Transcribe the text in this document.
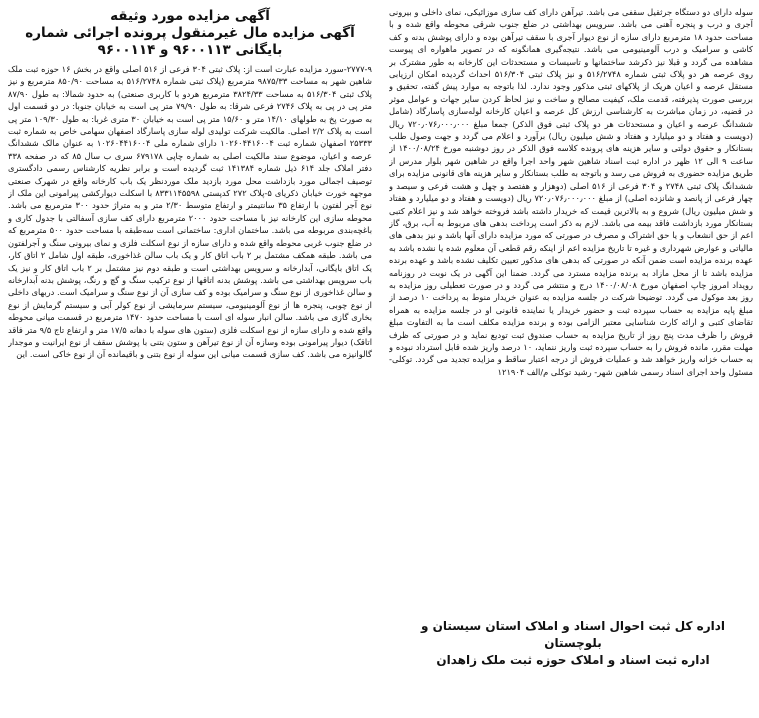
سوله دارای دو دستگاه جرثقیل سقفی می باشد. تیرآهن دارای کف سازی موزائیکی، نمای داخلی و بیرونی آجری و درب و پنجره آهنی می باشد. سرویس بهداشتی در ضلع جنوب شرقی محوطه واقع شده و با مساحت حدود ۱۸ مترمربع دارای سازه از نوع دیوار آجری با سقف تیرآهن بوده و دارای پوشش بدنه و کف کاشی و سرامیک و درب آلومینیومی می باشد. نتیجه‌گیری همانگونه که در تصویر ماهواره ای پیوست مشاهده می گردد و قبلا نیز ذکرشد ساختمانها و تاسیسات و مستحدثات این کارخانه به طور مشترک بر روی عرصه هر دو پلاک ثبتی شماره ۵۱۶/۲۷۴۸ و نیز پلاک ثبتی ۵۱۶/۳۰۴ احداث گردیده امکان ارزیابی مستقل عرصه و اعیان هریک از پلاکهای ثبتی مذکور وجود ندارد. لذا باتوجه به موارد پیش گفته، تحقیق و بررسی صورت پذیرفته، قدمت ملک، کیفیت مصالح و ساخت و نیز لحاظ کردن سایر جهات و عوامل موثر در قضیه، در زمان مباشرت به کارشناسی ارزش کل عرصه و اعیان کارخانه لوله‌سازی پاسارگاد (شامل ششدانگ عرصه و اعیان و مستحدثات هر دو پلاک ثبتی فوق الذکر) جمعا مبلغ ۷۲۰٫۰۷۶٫۰۰۰٫۰۰۰ ریال (دویست و هفتاد و دو میلیارد و هفتاد و شش میلیون ریال) برآورد و اعلام می گردد و جهت وصول طلب بستانکار و حقوق دولتی و سایر هزینه های پرونده کلاسه فوق الذکر در روز دوشنبه مورخ ۱۴۰۰/۰۸/۲۴ از ساعت ۹ الی ۱۲ ظهر در اداره ثبت اسناد شاهین شهر واحد اجرا واقع در شاهین شهر بلوار مدرس از طریق مزایده حضوری به فروش می رسد و باتوجه به طلب بستانکار و سایر هزینه های قانونی مزایده برای ششدانگ پلاک ثبتی ۲۷۴۸ و ۳۰۴ فرعی از ۵۱۶ اصلی (دوهزار و هفتصد و چهل و هشت فرعی و سیصد و چهار فرعی از پانصد و شانزده اصلی) از مبلغ ۷۲۰٫۰۷۶٫۰۰۰٫۰۰۰ ریال (دویست و هفتاد و دو میلیارد و هفتاد و شش میلیون ریال) شروع و به بالاترین قیمت که خریدار داشته باشد فروخته خواهد شد و نیز اعلام کتبی بستانکار مورد بازداشت فاقد بیمه می باشد. لازم به ذکر است پرداخت بدهی های مربوط به آب، برق، گاز اعم از حق انشعاب و یا حق اشتراک و مصرف در صورتی که مورد مزایده دارای آنها باشد و نیز بدهی های مالیاتی و عوارض شهرداری و غیره تا تاریخ مزایده اعم از اینکه رقم قطعی آن معلوم شده یا نشده باشد به عهده برنده مزایده است ضمن آنکه در صورتی که بدهی های مذکور تعیین تکلیف نشده باشد و عهده برنده مزایده باشد تا از محل مازاد به برنده مزایده مسترد می گردد. ضمنا این آگهی در یک نوبت در روزنامه رویداد امروز چاپ اصفهان مورخ ۱۴۰۰/۰۸/۰۸ درج و منتشر می گردد و در صورت تعطیلی روز مزایده به روز بعد موکول می گردد. توضیحا شرکت در جلسه مزایده به عنوان خریدار منوط به پرداخت ۱۰ درصد از مبلغ پایه مزایده به حساب سپرده ثبت و حضور خریدار یا نماینده قانونی او در جلسه مزایده به همراه تقاضای کتبی و ارائه کارت شناسایی معتبر الزامی بوده و برنده مزایده مکلف است ما به التفاوت مبلغ فروش را ظرف مدت پنج روز از تاریخ مزایده به حساب صندوق ثبت تودیع نماید و در صورتی که ظرف مهلت مقرر، مانده فروش را به حساب سپرده ثبت واریز ننماید، ۱۰ درصد واریز شده قابل استرداد نبوده و به حساب خزانه واریز خواهد شد و عملیات فروش از درجه اعتبار ساقط و مزایده تجدید می گردد. توکلی- مسئول واحد اجرای اسناد رسمی شاهین شهر- رشید توکلی م/الف ۱۲۱۹۰۴

اداره کل ثبت احوال اسناد و املاک استان سیستان و بلوچستان
اداره ثبت اسناد و املاک حوزه ثبت ملک زاهدان
آگهی مزایده مورد وثیقه
آگهی مزایده مال غیرمنقول پرونده اجرائی شماره بایگانی ۹۶۰۰۱۱۳ و ۹۶۰۰۱۱۴

۲۷۷۷-۹-سورد مزایده عبارت است از: پلاک ثبتی ۳۰۴ فرعی از ۵۱۶ اصلی واقع در بخش ۱۶ حوزه ثبت ملک شاهین شهر به مساحت ۹۸۷۵/۳۳ مترمربع (پلاک ثبتی شماره ۵۱۶/۲۷۴۸ به مساحت ۸۵۰/۹۰ مترمربع و نیز پلاک ثبتی ۵۱۶/۳۰۴ به مساحت ۳۸۲۴/۳۳ مترمربع هردو با کاربری صنعتی) به حدود شمالا: به طول ۸۷/۹۰ متر پی در پی به پلاک ۲۷۴۶ فرعی شرقا: به طول ۷۹/۹۰ متر پی است به خیابان جنوبا: در دو قسمت اول به صورت پخ به طولهای ۱۴/۱۰ متر و ۱۵/۶۰ متر پی است به خیابان ۳۰ متری غربا: به طول ۱۰۹/۳۰ متر پی است به پلاک ۲/۲ اصلی. مالکیت شرکت تولیدی لوله سازی پاسارگاد اصفهان سهامی خاص به شماره ثبت ۲۵۳۳۳ اصفهان شماره ثبت ۱۰۲۶۰۴۴۱۶۰۰۴ دارای شماره ملی ۱۰۲۶۰۴۴۱۶۰۰۴ به عنوان مالک ششدانگ عرصه و اعیان، موضوع سند مالکیت اصلی به شماره چاپی ۶۷۹۱۷۸ سری ب سال ۸۵ که در صفحه ۳۳۸ دفتر املاک جلد ۶۱۴ ذیل شماره ۱۴۱۳۸۴ ثبت گردیده است و برابر نظریه کارشناس رسمی دادگستری توصیف اجمالی مورد بازداشت محل مورد بازدید ملک موردنظر یک باب کارخانه واقع در شهرک صنعتی موجهه خورت خیابان ذکریای ۵-پلاک ۲۷۲ کدپستی ۸۳۳۱۱۴۵۵۹۸ با اسکلت دیوارکشی پیرامونی این ملک از نوع آجر لفتون با ارتفاع ۳۵ سانتیمتر و ارتفاع متوسط ۲/۳۰ متر و به متراژ حدود ۳۰۰ مترمربع می باشد. محوطه سازی این کارخانه نیز با مساحت حدود ۲۰۰۰ مترمربع دارای کف سازی آسفالتی با جدول کاری و باغچه‌بندی مربوطه می باشد. ساختمان اداری: ساختمانی است سه‌طبقه با مساحت حدود ۵۰۰ مترمربع که در ضلع جنوب غربی محوطه واقع شده و دارای سازه از نوع اسکلت فلزی و نمای بیرونی سنگ و آجرلفتون می باشد. طبقه همکف مشتمل بر ۲ باب اتاق کار و یک باب سالن غذاخوری، طبقه اول شامل ۲ اتاق کار، یک اتاق بایگانی، آبدارخانه و سرویس بهداشتی است و طبقه دوم نیز مشتمل بر ۲ باب اتاق کار و نیز یک باب سرویس بهداشتی می باشد. پوشش بدنه اتاقها از نوع ترکیب سنگ و گچ و رنگ، پوشش بدنه آبدارخانه و سالن غذاخوری از نوع سنگ و سرامیک بوده و کف سازی آن از نوع سنگ و سرامیک است. دربهای داخلی از نوع چوبی، پنجره ها از نوع آلومینیومی، سیستم سرمایشی از نوع کولر آبی و سیستم گرمایش از نوع بخاری گازی می باشد. سالن انبار سوله ای است با مساحت حدود ۱۴۷۰ مترمربع در قسمت میانی محوطه واقع شده و دارای سازه از نوع اسکلت فلزی (ستون های سوله با دهانه ۱۷/۵ متر و ارتفاع تاج ۹/۵ متر فاقد اتاقک) دیوار پیرامونی بوده وسازه آن از نوع تیرآهن و ستون بتنی با پوشش سقف از نوع ایرانیت و موجدار گالوانیزه می باشد. کف سازی قسمت میانی این سوله از نوع بتنی و باقیمانده آن از نوع خاکی است. این
